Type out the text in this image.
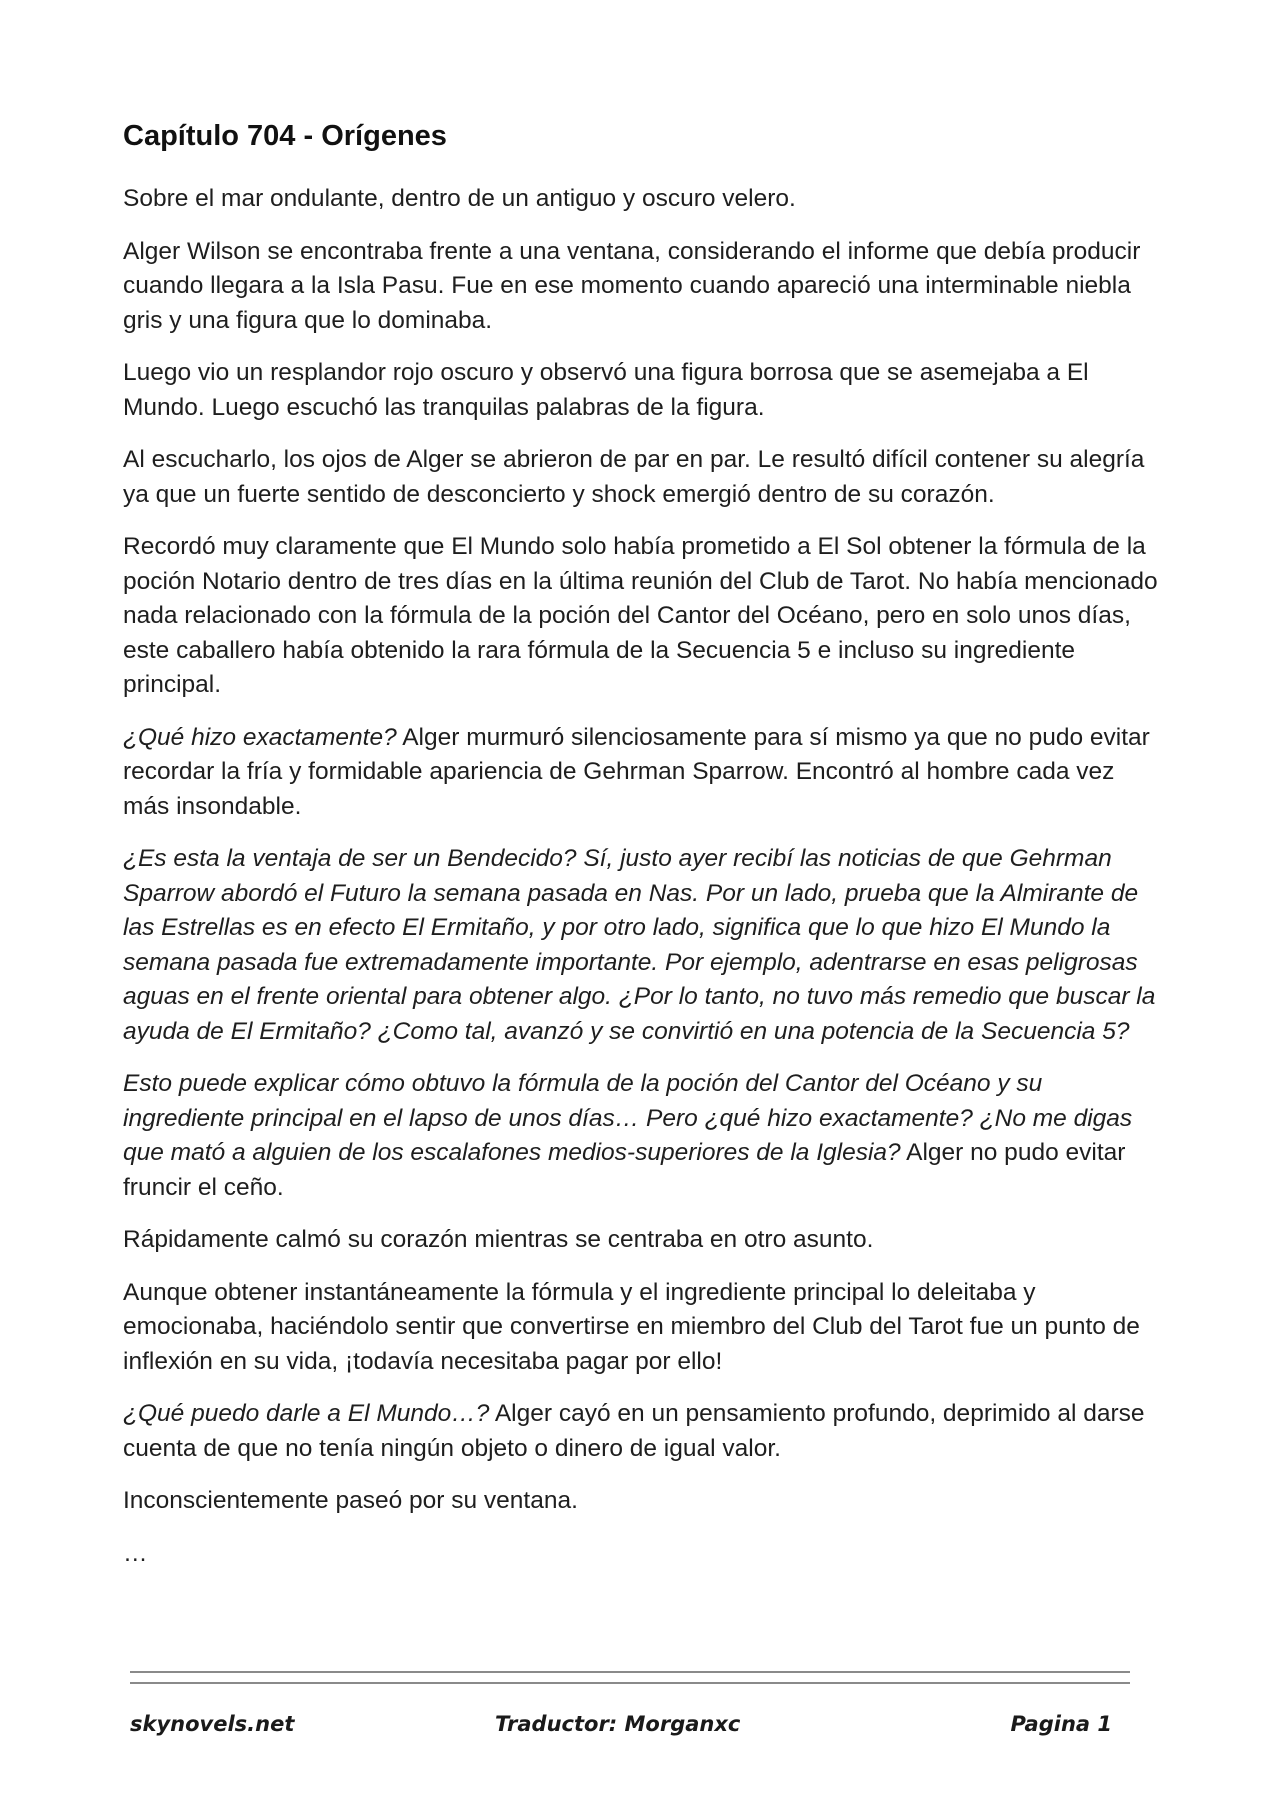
Capítulo 704 - Orígenes

Sobre el mar ondulante, dentro de un antiguo y oscuro velero.

Alger Wilson se encontraba frente a una ventana, considerando el informe que debía producir cuando llegara a la Isla Pasu. Fue en ese momento cuando apareció una interminable niebla gris y una figura que lo dominaba.

Luego vio un resplandor rojo oscuro y observó una figura borrosa que se asemejaba a El Mundo. Luego escuchó las tranquilas palabras de la figura.

Al escucharlo, los ojos de Alger se abrieron de par en par. Le resultó difícil contener su alegría ya que un fuerte sentido de desconcierto y shock emergió dentro de su corazón.

Recordó muy claramente que El Mundo solo había prometido a El Sol obtener la fórmula de la poción Notario dentro de tres días en la última reunión del Club de Tarot. No había mencionado nada relacionado con la fórmula de la poción del Cantor del Océano, pero en solo unos días, este caballero había obtenido la rara fórmula de la Secuencia 5 e incluso su ingrediente principal.

¿Qué hizo exactamente? Alger murmuró silenciosamente para sí mismo ya que no pudo evitar recordar la fría y formidable apariencia de Gehrman Sparrow. Encontró al hombre cada vez más insondable.

¿Es esta la ventaja de ser un Bendecido? Sí, justo ayer recibí las noticias de que Gehrman Sparrow abordó el Futuro la semana pasada en Nas. Por un lado, prueba que la Almirante de las Estrellas es en efecto El Ermitaño, y por otro lado, significa que lo que hizo El Mundo la semana pasada fue extremadamente importante. Por ejemplo, adentrarse en esas peligrosas aguas en el frente oriental para obtener algo. ¿Por lo tanto, no tuvo más remedio que buscar la ayuda de El Ermitaño? ¿Como tal, avanzó y se convirtió en una potencia de la Secuencia 5?

Esto puede explicar cómo obtuvo la fórmula de la poción del Cantor del Océano y su ingrediente principal en el lapso de unos días… Pero ¿qué hizo exactamente? ¿No me digas que mató a alguien de los escalafones medios-superiores de la Iglesia? Alger no pudo evitar fruncir el ceño.

Rápidamente calmó su corazón mientras se centraba en otro asunto.

Aunque obtener instantáneamente la fórmula y el ingrediente principal lo deleitaba y emocionaba, haciéndolo sentir que convertirse en miembro del Club del Tarot fue un punto de inflexión en su vida, ¡todavía necesitaba pagar por ello!

¿Qué puedo darle a El Mundo…? Alger cayó en un pensamiento profundo, deprimido al darse cuenta de que no tenía ningún objeto o dinero de igual valor.

Inconscientemente paseó por su ventana.

…

skynovels.net	Traductor: Morganxc	Pagina 1
